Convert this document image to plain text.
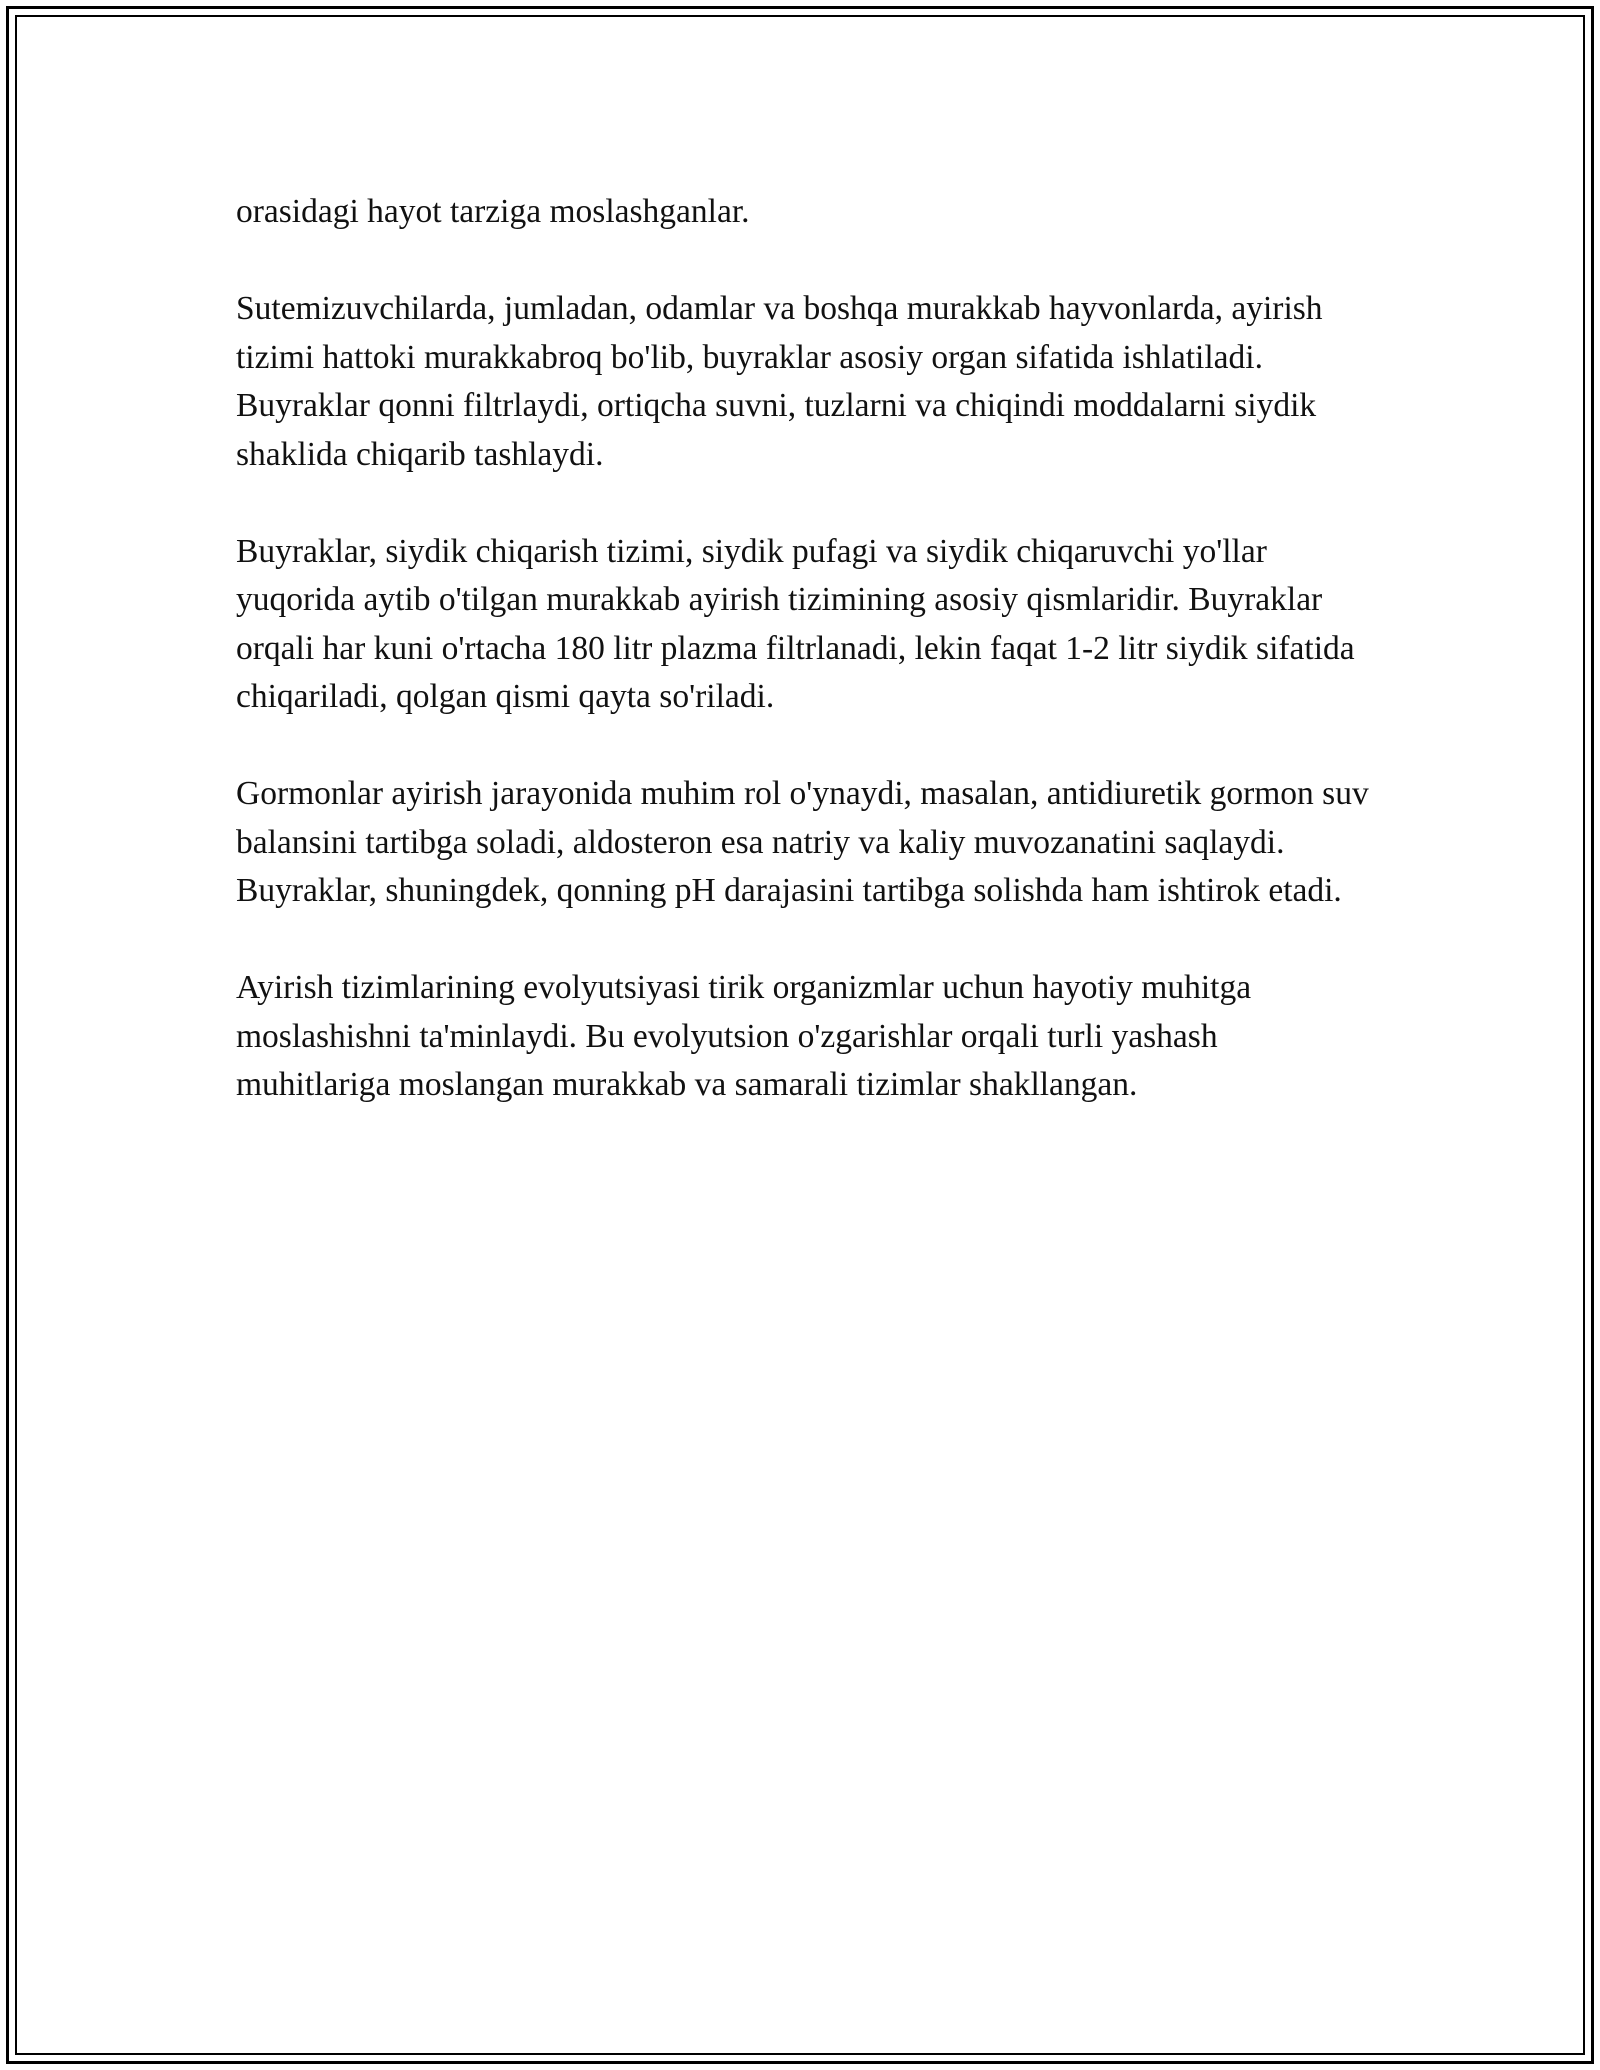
orasidagi hayot tarziga moslashganlar.

Sutemizuvchilarda, jumladan, odamlar va boshqa murakkab hayvonlarda, ayirish tizimi hattoki murakkabroq bo'lib, buyraklar asosiy organ sifatida ishlatiladi. Buyraklar qonni filtrlaydi, ortiqcha suvni, tuzlarni va chiqindi moddalarni siydik shaklida chiqarib tashlaydi.

Buyraklar, siydik chiqarish tizimi, siydik pufagi va siydik chiqaruvchi yo'llar yuqorida aytib o'tilgan murakkab ayirish tizimining asosiy qismlaridir. Buyraklar orqali har kuni o'rtacha 180 litr plazma filtrlanadi, lekin faqat 1-2 litr siydik sifatida chiqariladi, qolgan qismi qayta so'riladi.

Gormonlar ayirish jarayonida muhim rol o'ynaydi, masalan, antidiuretik gormon suv balansini tartibga soladi, aldosteron esa natriy va kaliy muvozanatini saqlaydi. Buyraklar, shuningdek, qonning pH darajasini tartibga solishda ham ishtirok etadi.

Ayirish tizimlarining evolyutsiyasi tirik organizmlar uchun hayotiy muhitga moslashishni ta'minlaydi. Bu evolyutsion o'zgarishlar orqali turli yashash muhitlariga moslangan murakkab va samarali tizimlar shakllangan.
